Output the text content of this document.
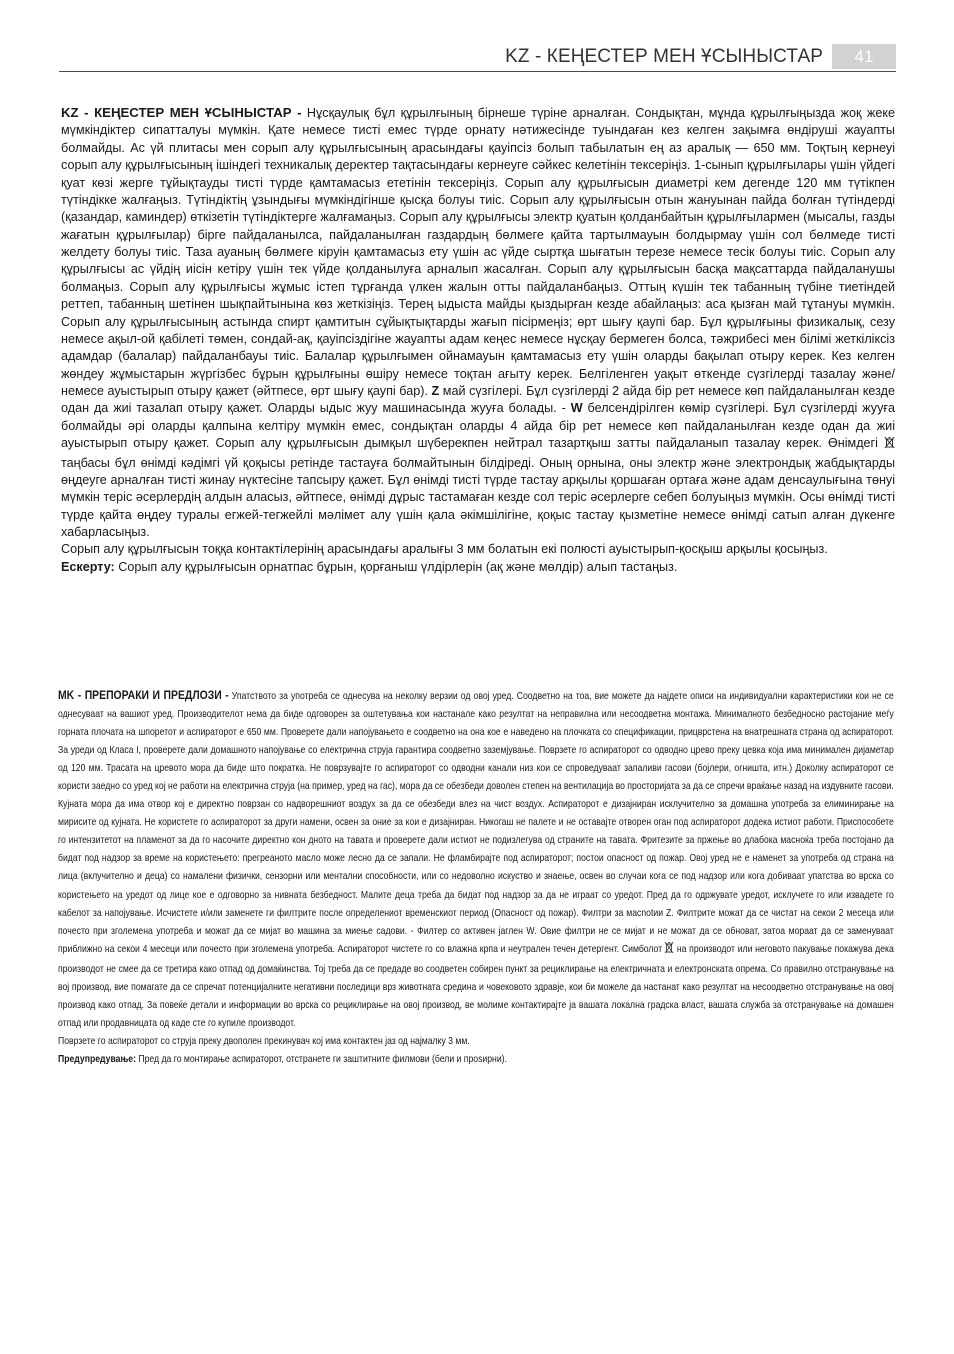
KZ - КЕҢЕСТЕР МЕН ҰСЫНЫСТАР	41

KZ - КЕҢЕСТЕР МЕН ҰСЫНЫСТАР - Нұсқаулық бұл құрылғының бірнеше түріне арналған. Сондықтан, мұнда құрылғыңызда жоқ жеке мүмкіндіктер сипатталуы мүмкін. Қате немесе тисті емес түрде орнату нәтижесінде туындаған кез келген зақымға өндіруші жауапты болмайды. Ас үй плитасы мен сорып алу құрылғысының арасындағы қауіпсіз болып табылатын ең аз аралық — 650 мм. Тоқтың кернеуі сорып алу құрылғысының ішіндегі техникалық деректер тақтасындағы кернеуге сәйкес келетінін тексеріңіз. 1-сынып құрылғылары үшін үйдегі қуат көзі жерге тұйықтауды тисті түрде қамтамасыз ететінін тексеріңіз. Сорып алу құрылғысын диаметрі кем дегенде 120 мм түтікпен түтіндікке жалғаңыз. Түтіндіктің ұзындығы мүмкіндігінше қысқа болуы тиіс. Сорып алу құрылғысын отын жануынан пайда болған түтіндерді (қазандар, каминдер) өткізетін түтіндіктерге жалғамаңыз. Сорып алу құрылғысы электр қуатын қолданбайтын құрылғылармен (мысалы, газды жағатын құрылғылар) бірге пайдаланылса, пайдаланылған газдардың бөлмеге қайта тартылмауын болдырмау үшін сол бөлмеде тисті желдету болуы тиіс. Таза ауаның бөлмеге кіруін қамтамасыз ету үшін ас үйде сыртқа шығатын терезе немесе тесік болуы тиіс. Сорып алу құрылғысы ас үйдің иісін кетіру үшін тек үйде қолданылуға арналып жасалған. Сорып алу құрылғысын басқа мақсаттарда пайдаланушы болмаңыз. Сорып алу құрылғысы жұмыс істеп тұрғанда үлкен жалын отты пайдаланбаңыз. Оттың күшін тек табанның түбіне тиетіндей реттеп, табанның шетінен шықпайтынына көз жеткізіңіз. Терең ыдыста майды қыздырған кезде абайлаңыз: аса қызған май тұтануы мүмкін. Сорып алу құрылғысының астында спирт қамтитын сұйықтықтарды жағып пісірмеңіз; өрт шығу қаупі бар. Бұл құрылғыны физикалық, сезу немесе ақыл-ой қабілеті төмен, сондай-ақ, қауіпсіздігіне жауапты адам кеңес немесе нұсқау бермеген болса, тәжрибесі мен білімі жеткіліксіз адамдар (балалар) пайдаланбауы тиіс. Балалар құрылғымен ойнамауын қамтамасыз ету үшін оларды бақылап отыру керек. Кез келген жөндеу жұмыстарын жүргізбес бұрын құрылғыны өшіру немесе тоқтан ағыту керек. Белгіленген уақыт өткенде сүзгілерді тазалау және/немесе ауыстырып отыру қажет (әйтпесе, өрт шығу қаупі бар). Z май сүзгілері. Бұл сүзгілерді 2 айда бір рет немесе көп пайдаланылған кезде одан да жиі тазалап отыру қажет. Оларды ыдыс жуу машинасында жууға болады. - W белсендірілген көмір сүзгілері. Бұл сүзгілерді жууға болмайды әрі оларды қалпына келтіру мүмкін емес, сондықтан оларды 4 айда бір рет немесе көп пайдаланылған кезде одан да жиі ауыстырып отыру қажет. Сорып алу құрылғысын дымқыл шүберекпен нейтрал тазартқыш затты пайдаланып тазалау керек. Өнімдегі таңбасы бұл өнімді кәдімгі үй қоқысы ретінде тастауға болмайтынын білдіреді. Оның орнына, оны электр және электрондық жабдықтарды өңдеуге арналған тисті жинау нүктесіне тапсыру қажет. Бұл өнімді тисті түрде тастау арқылы қоршаған ортаға және адам денсаулығына төнуі мүмкін теріс әсерлердің алдын аласыз, әйтпесе, өнімді дұрыс тастамаған кезде сол теріс әсерлерге себеп болуыңыз мүмкін. Осы өнімді тисті түрде қайта өңдеу туралы егжей-тегжейлі мәлімет алу үшін қала әкімшілігіне, қоқыс тастау қызметіне немесе өнімді сатып алған дүкенге хабарласыңыз.

Сорып алу құрылғысын тоққа контактілерінің арасындағы аралығы 3 мм болатын екі полюсті ауыстырып-қосқыш арқылы қосыңыз.

Ескерту: Сорып алу құрылғысын орнатпас бұрын, қорғаныш үлдірлерін (ақ және мөлдір) алып тастаңыз.

MK - ПРЕПОРАКИ И ПРЕДЛОЗИ - Упатството за употреба се однесува на неколку верзии од овој уред. Соодветно на тоа, вие можете да најдете описи на индивидуални карактеристики кои не се однесуваат на вашиот уред. Производителот нема да биде одговорен за оштетувања кои настанале како резултат на неправилна или несоодветна монтажа. Минималното безбедносно растојание меѓу горната плочата на шпоретот и аспираторот е 650 мм. Проверете дали напојувањето е соодветно на она кое е наведено на плочката со спецификации, прицврстена на внатрешната страна од аспираторот. За уреди од Класа I, проверете дали домашното напојување со електрична струја гарантира соодветно заземјување. Поврзете го аспираторот со одводно црево преку цевка која има минимален дијаметар од 120 мм. Трасата на цревото мора да биде што пократка. Не поврзувајте го аспираторот со одводни канали низ кои се спроведуваат запаливи гасови (бојлери, огништа, итн.) Доколку аспираторот се користи заедно со уред кој не работи на електрична струја (на пример, уред на гас), мора да се обезбеди доволен степен на вентилација во просторијата за да се спречи враќање назад на издувните гасови. Кујната мора да има отвор кој е директно поврзан со надворешниот воздух за да се обезбеди влез на чист воздух. Аспираторот е дизајниран исклучително за домашна употреба за елиминирање на мирисите од кујната. Не користете го аспираторот за други намени, освен за оние за кои е дизајниран. Никогаш не палете и не оставајте отворен оган под аспираторот додека истиот работи. Приспособете го интензитетот на пламенот за да го насочите директно кон дното на тавата и проверете дали истиот не подизлегува од страните на тавата. Фритезите за пржење во длабока масноќа треба постојано да бидат под надзор за време на користењето: прегреаното масло може лесно да се запали. Не фламбирајте под аспираторот; постои опасност од пожар. Овој уред не е наменет за употреба од страна на лица (вклучително и деца) со намалени физички, сензорни или ментални способности, или со недоволно искуство и знаење, освен во случаи кога се под надзор или кога добиваат упатства во врска со користењето на уредот од лице кое е одговорно за нивната безбедност. Малите деца треба да бидат под надзор за да не играат со уредот. Пред да го одржувате уредот, исклучете го или извадете го кабелот за напојување. Исчистете и/или заменете ги филтрите после определениот временскиот период (Опасност од пожар). Филтри за масnotии Z. Филтрите можат да се чистат на секои 2 месеца или почесто при зголемена употреба и можат да се мијат во машина за миење садови. - Филтер со активен јаглен W. Овие филтри не се мијат и не можат да се обноват, затоа мораат да се заменуваат приближно на секои 4 месеци или почесто при зголемена употреба. Аспираторот чистете го со влажна крпа и неутрален течен детергент. Симболот  на производот или неговото пакување покажува дека производот не смее да се третира како отпад од домаќинства. Тој треба да се предаде во соодветен собирен пункт за рециклирање на електричната и електронската опрема. Со правилно отстранување на вој производ, вие помагате да се спречат потенцијалните негативни последици врз животната средина и човековото здравје, кои би можеле да настанат како резултат на несоодветно отстранување на овој производ како отпад. За повеќе детали и информации во врска со рециклирање на овој производ, ве молиме контактирајте ја вашата локална градска власт, вашата служба за отстранување на домашен отпад или продавницата од каде сте го купиле производот.

Поврзете го аспираторот со струја преку двополен прекинувач кој има контактен јаз од најмалку 3 мм.

Предупредување: Пред да го монтирање аспираторот, отстранете ги заштитните филмови (бели и проѕирни).
